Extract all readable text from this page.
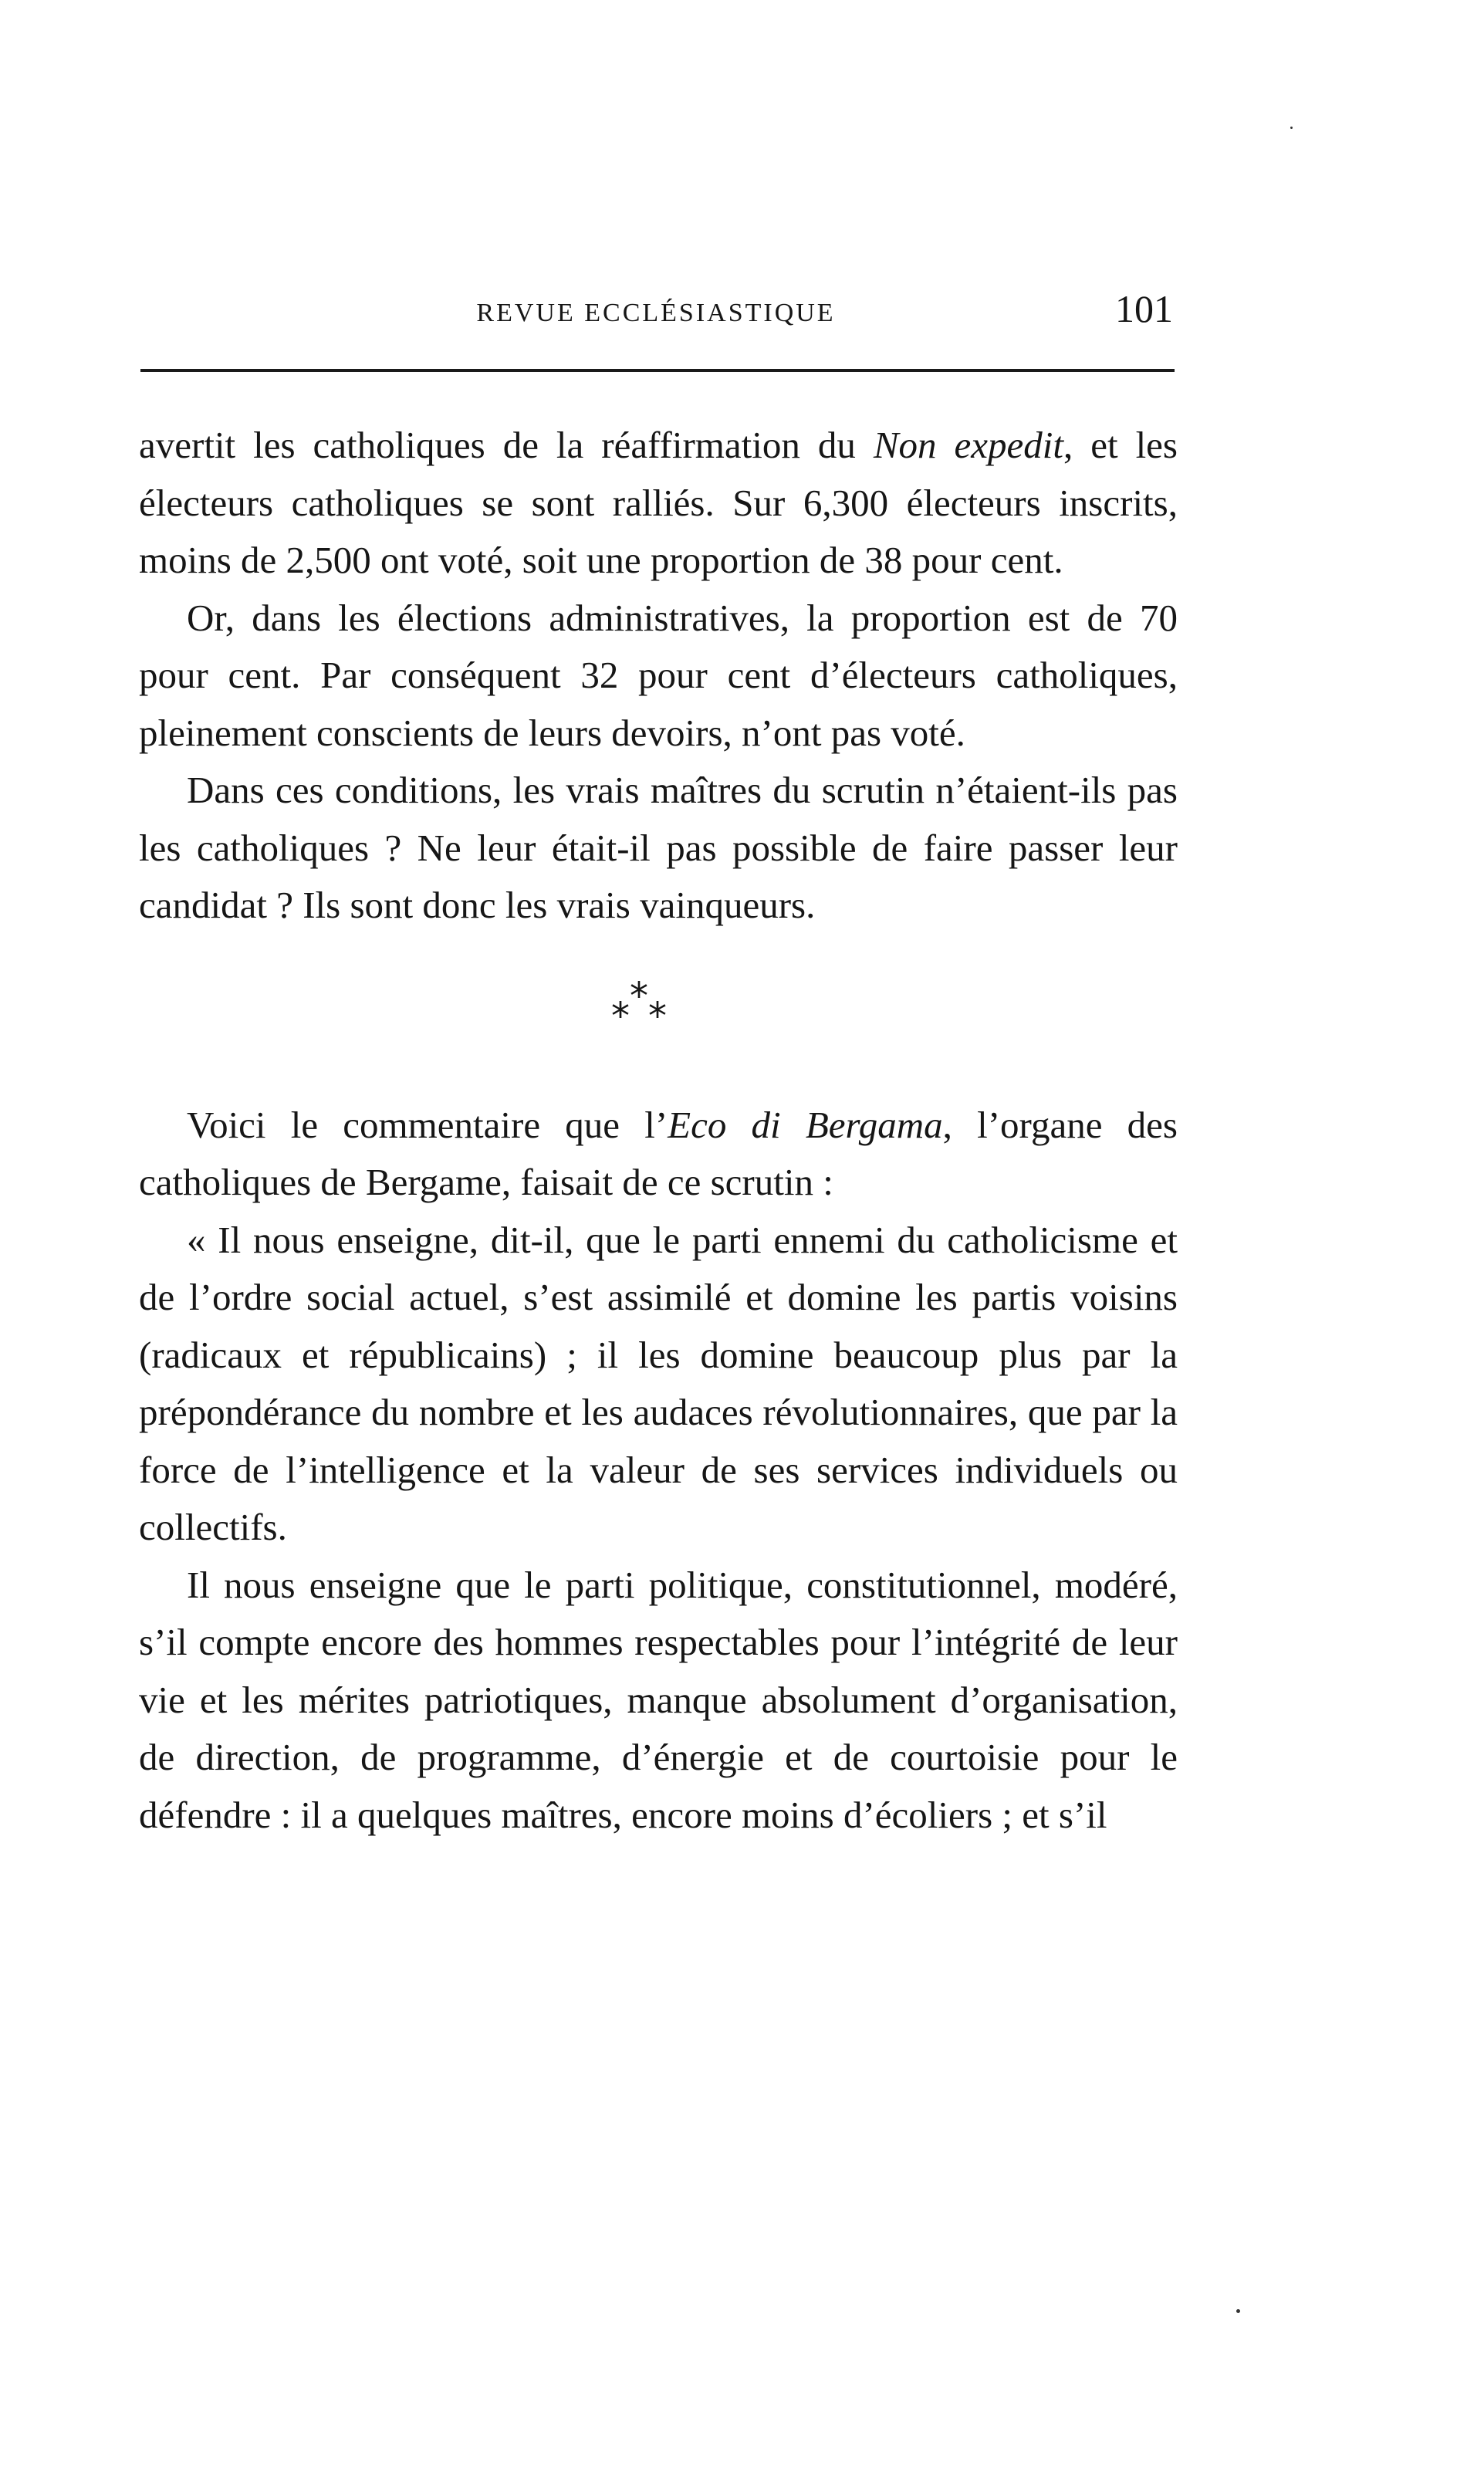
REVUE ECCLÉSIASTIQUE	101

avertit les catholiques de la réaffirmation du Non expedit, et les électeurs catholiques se sont ralliés. Sur 6,300 électeurs inscrits, moins de 2,500 ont voté, soit une proportion de 38 pour cent.

Or, dans les élections administratives, la proportion est de 70 pour cent. Par conséquent 32 pour cent d’électeurs catholiques, pleinement conscients de leurs devoirs, n’ont pas voté.

Dans ces conditions, les vrais maîtres du scrutin n’étaient-ils pas les catholiques ? Ne leur était-il pas possible de faire passer leur candidat ? Ils sont donc les vrais vainqueurs.

*
* *

Voici le commentaire que l’Eco di Bergama, l’organe des catholiques de Bergame, faisait de ce scrutin :

« Il nous enseigne, dit-il, que le parti ennemi du catholicisme et de l’ordre social actuel, s’est assimilé et domine les partis voisins (radicaux et républicains) ; il les domine beaucoup plus par la prépondérance du nombre et les audaces révolutionnaires, que par la force de l’intelligence et la valeur de ses services individuels ou collectifs.

Il nous enseigne que le parti politique, constitutionnel, modéré, s’il compte encore des hommes respectables pour l’intégrité de leur vie et les mérites patriotiques, manque absolument d’organisation, de direction, de programme, d’énergie et de courtoisie pour le défendre : il a quelques maîtres, encore moins d’écoliers ; et s’il
